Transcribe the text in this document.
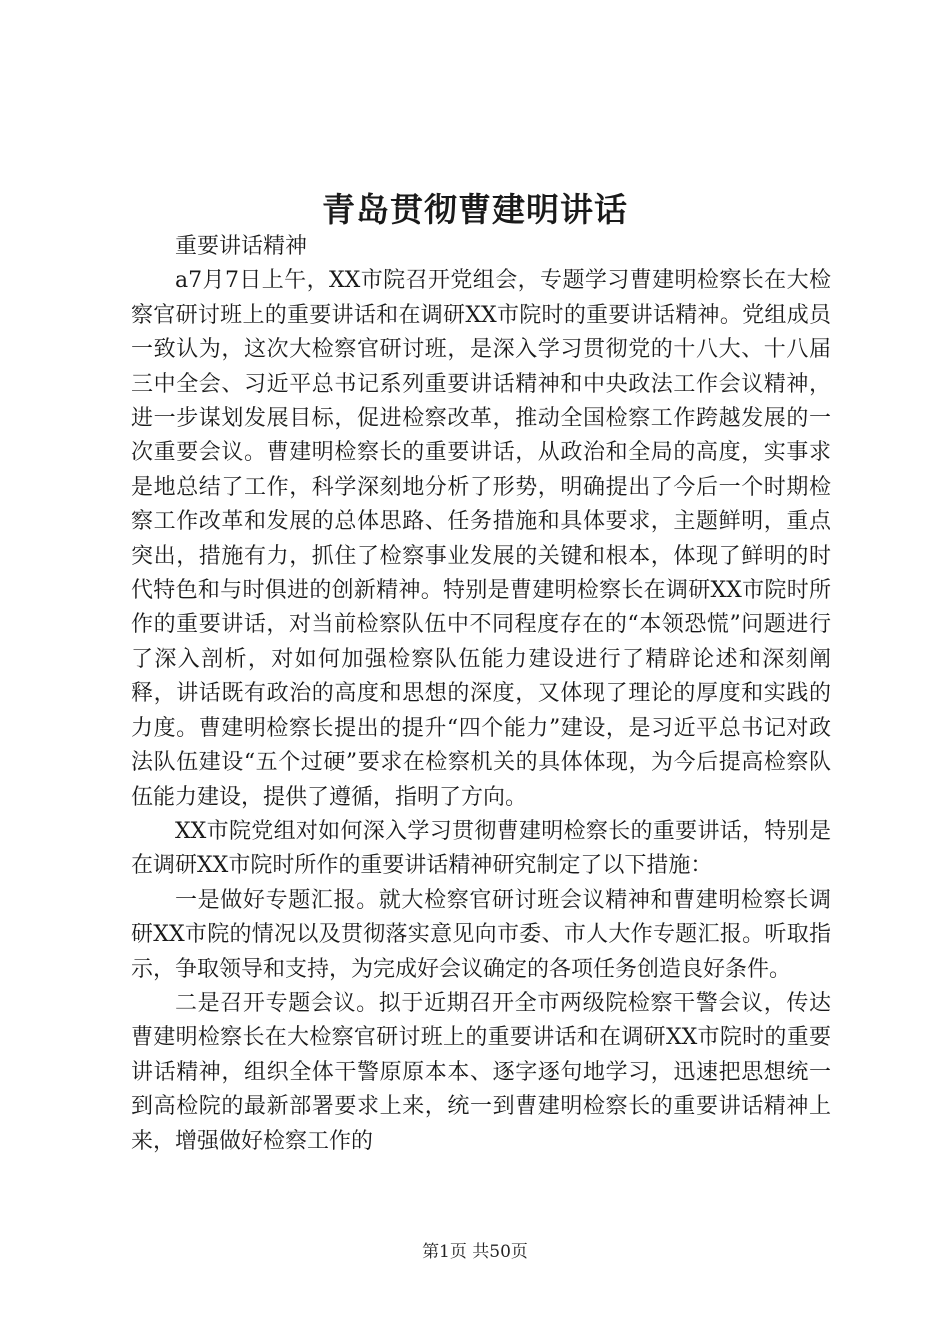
青岛贯彻曹建明讲话

重要讲话精神

a7月7日上午，XX市院召开党组会，专题学习曹建明检察长在大检察官研讨班上的重要讲话和在调研XX市院时的重要讲话精神。党组成员一致认为，这次大检察官研讨班，是深入学习贯彻党的十八大、十八届三中全会、习近平总书记系列重要讲话精神和中央政法工作会议精神，进一步谋划发展目标，促进检察改革，推动全国检察工作跨越发展的一次重要会议。曹建明检察长的重要讲话，从政治和全局的高度，实事求是地总结了工作，科学深刻地分析了形势，明确提出了今后一个时期检察工作改革和发展的总体思路、任务措施和具体要求，主题鲜明，重点突出，措施有力，抓住了检察事业发展的关键和根本，体现了鲜明的时代特色和与时俱进的创新精神。特别是曹建明检察长在调研XX市院时所作的重要讲话，对当前检察队伍中不同程度存在的“本领恐慌”问题进行了深入剖析，对如何加强检察队伍能力建设进行了精辟论述和深刻阐释，讲话既有政治的高度和思想的深度，又体现了理论的厚度和实践的力度。曹建明检察长提出的提升“四个能力”建设，是习近平总书记对政法队伍建设“五个过硬”要求在检察机关的具体体现，为今后提高检察队伍能力建设，提供了遵循，指明了方向。

XX市院党组对如何深入学习贯彻曹建明检察长的重要讲话，特别是在调研XX市院时所作的重要讲话精神研究制定了以下措施：

一是做好专题汇报。就大检察官研讨班会议精神和曹建明检察长调研XX市院的情况以及贯彻落实意见向市委、市人大作专题汇报。听取指示，争取领导和支持，为完成好会议确定的各项任务创造良好条件。

二是召开专题会议。拟于近期召开全市两级院检察干警会议，传达曹建明检察长在大检察官研讨班上的重要讲话和在调研XX市院时的重要讲话精神，组织全体干警原原本本、逐字逐句地学习，迅速把思想统一到高检院的最新部署要求上来，统一到曹建明检察长的重要讲话精神上来，增强做好检察工作的

第1页 共50页
